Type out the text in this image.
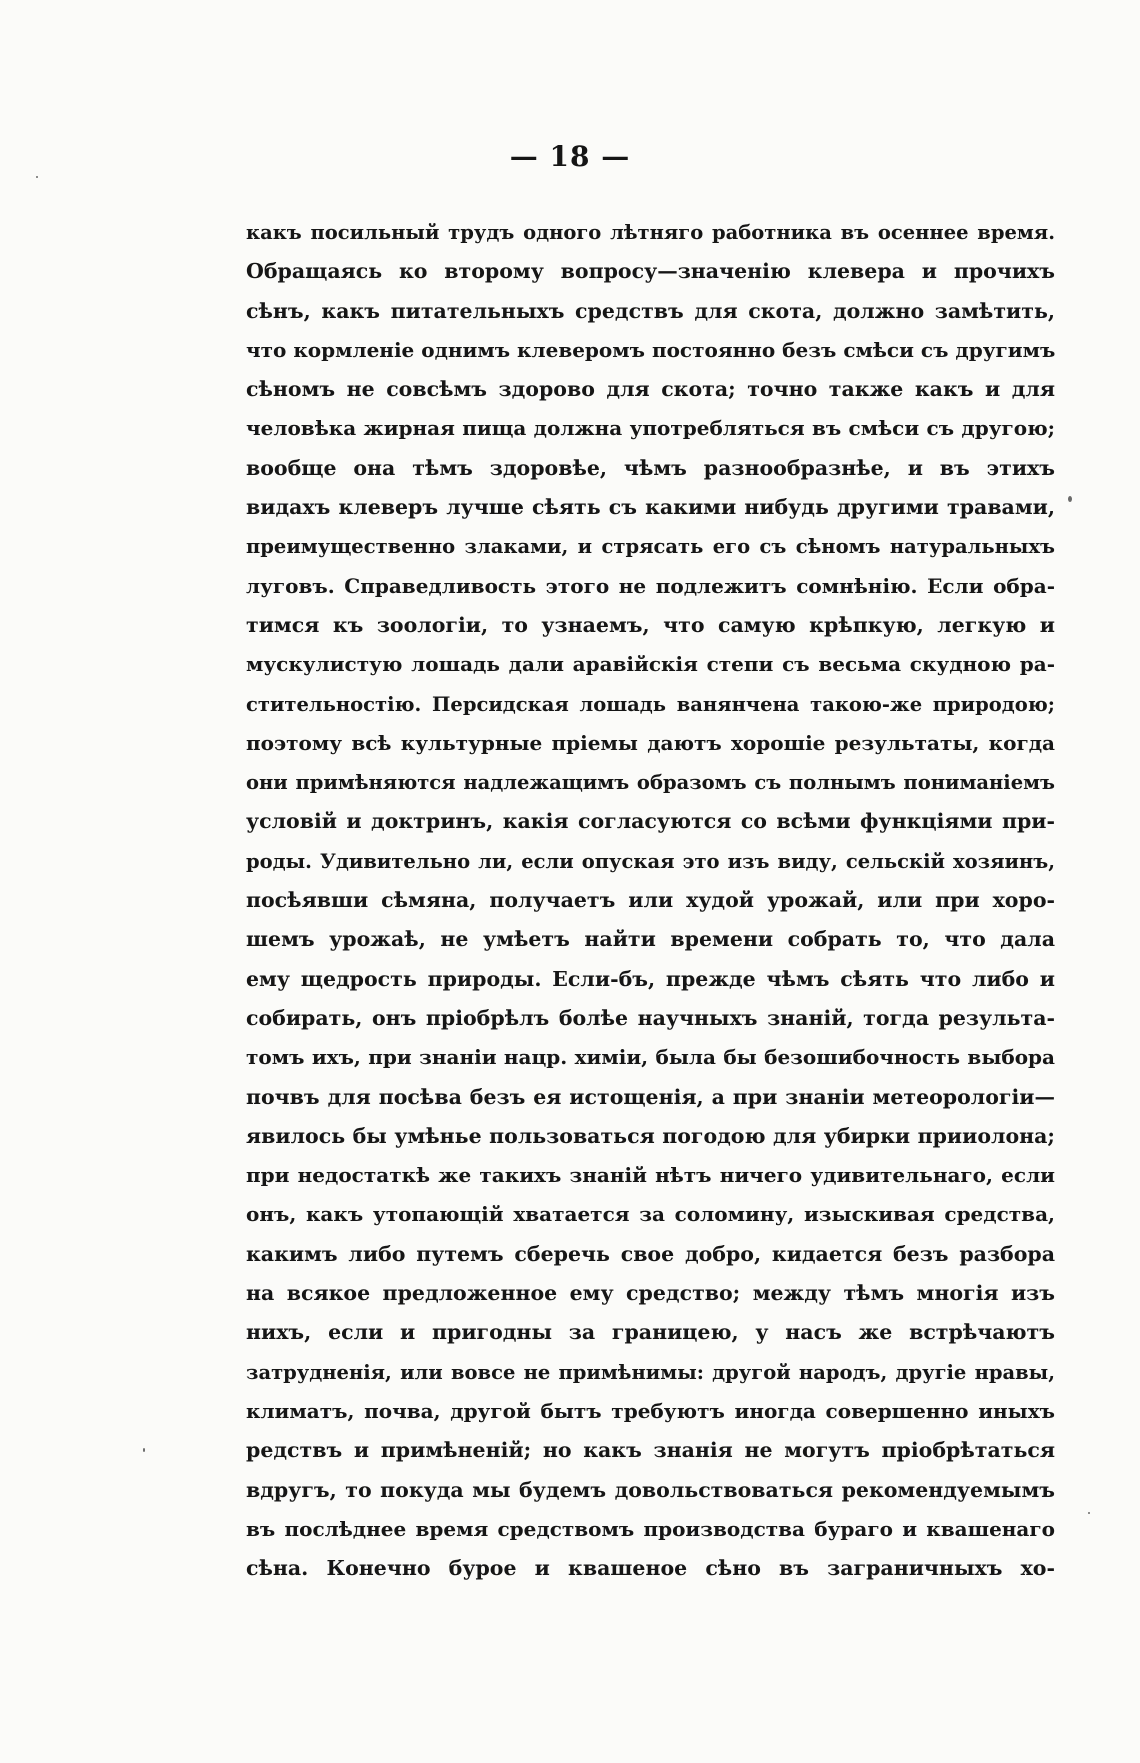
— 18 —
какъ посильный трудъ одного лѣтняго работника въ осеннее время.
Обращаясь ко второму вопросу—значенію клевера и прочихъ
сѣнъ, какъ питательныхъ средствъ для скота, должно замѣтить,
что кормленіе однимъ клеверомъ постоянно безъ смѣси съ другимъ
сѣномъ не совсѣмъ здорово для скота; точно также какъ и для
человѣка жирная пища должна употребляться въ смѣси съ другою;
вообще она тѣмъ здоровѣе, чѣмъ разнообразнѣе, и въ этихъ
видахъ клеверъ лучше сѣять съ какими нибудь другими травами,
преимущественно злаками, и стрясать его съ сѣномъ натуральныхъ
луговъ. Справедливость этого не подлежитъ сомнѣнію. Если обра-
тимся къ зоологіи, то узнаемъ, что самую крѣпкую, легкую и
мускулистую лошадь дали аравійскія степи съ весьма скудною ра-
стительностію. Персидская лошадь ванянчена такою-же природою;
поэтому всѣ культурные пріемы даютъ хорошіе результаты, когда
они примѣняются надлежащимъ образомъ съ полнымъ пониманіемъ
условій и доктринъ, какія согласуются со всѣми функціями при-
роды. Удивительно ли, если опуская это изъ виду, сельскій хозяинъ,
посѣявши сѣмяна, получаетъ или худой урожай, или при хоро-
шемъ урожаѣ, не умѣетъ найти времени собрать то, что дала
ему щедрость природы. Если-бъ, прежде чѣмъ сѣять что либо и
собирать, онъ пріобрѣлъ болѣе научныхъ знаній, тогда результа-
томъ ихъ, при знаніи нацр. химіи, была бы безошибочность выбора
почвъ для посѣва безъ ея истощенія, а при знаніи метеорологіи—
явилось бы умѣнье пользоваться погодою для убирки прииолона;
при недостаткѣ же такихъ знаній нѣтъ ничего удивительнаго, если
онъ, какъ утопающій хватается за соломину, изыскивая средства,
какимъ либо путемъ сберечь свое добро, кидается безъ разбора
на всякое предложенное ему средство; между тѣмъ многія изъ
нихъ, если и пригодны за границею, у насъ же встрѣчаютъ
затрудненія, или вовсе не примѣнимы: другой народъ, другіе нравы,
климатъ, почва, другой бытъ требуютъ иногда совершенно иныхъ
редствъ и примѣненій; но какъ знанія не могутъ пріобрѣтаться
вдругъ, то покуда мы будемъ довольствоваться рекомендуемымъ
въ послѣднее время средствомъ производства бураго и квашенаго
сѣна. Конечно бурое и квашеное сѣно въ заграничныхъ хо-
